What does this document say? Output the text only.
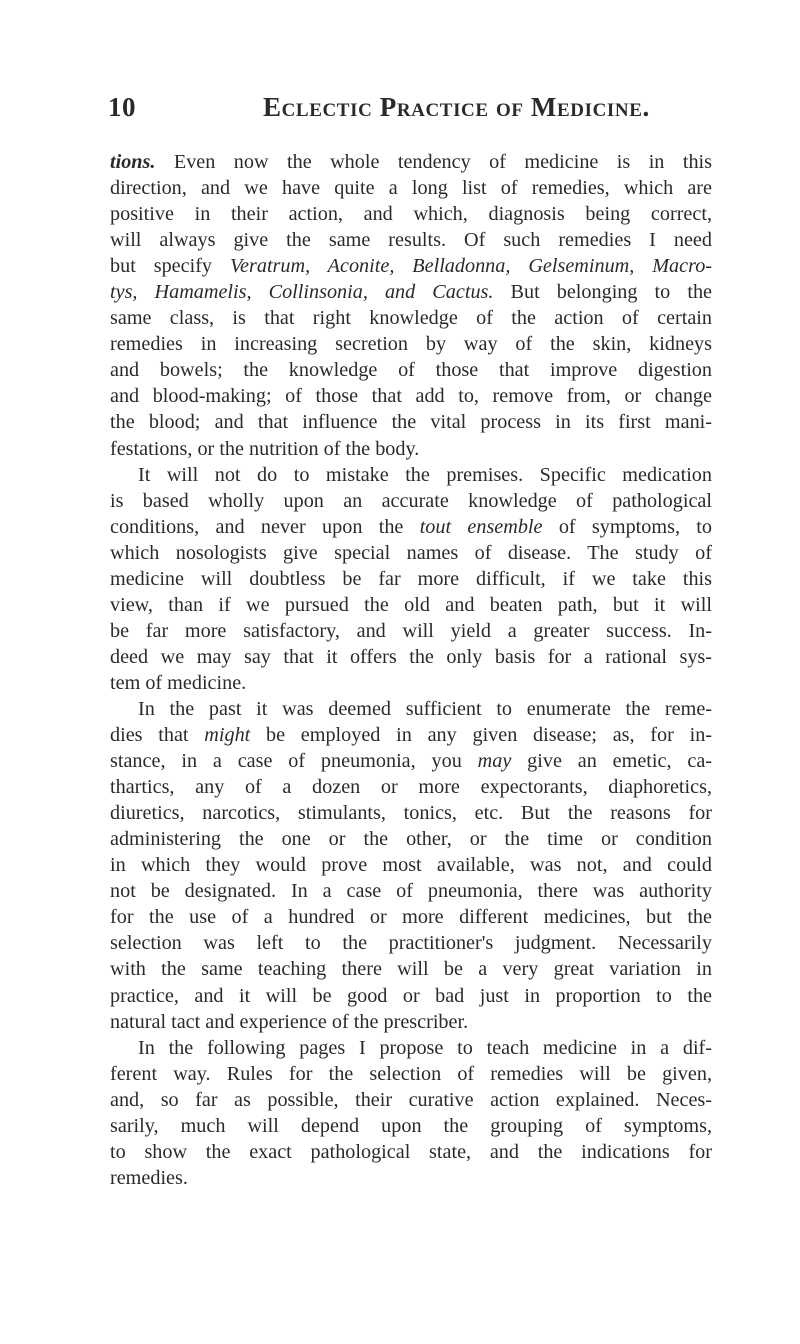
10	Eclectic Practice of Medicine.
tions. Even now the whole tendency of medicine is in this
direction, and we have quite a long list of remedies, which are
positive in their action, and which, diagnosis being correct,
will always give the same results. Of such remedies I need
but specify Veratrum, Aconite, Belladonna, Gelseminum, Macro-
tys, Hamamelis, Collinsonia, and Cactus. But belonging to the
same class, is that right knowledge of the action of certain
remedies in increasing secretion by way of the skin, kidneys
and bowels; the knowledge of those that improve digestion
and blood-making; of those that add to, remove from, or change
the blood; and that influence the vital process in its first mani-
festations, or the nutrition of the body.
It will not do to mistake the premises. Specific medication
is based wholly upon an accurate knowledge of pathological
conditions, and never upon the tout ensemble of symptoms, to
which nosologists give special names of disease. The study of
medicine will doubtless be far more difficult, if we take this
view, than if we pursued the old and beaten path, but it will
be far more satisfactory, and will yield a greater success. In-
deed we may say that it offers the only basis for a rational sys-
tem of medicine.
In the past it was deemed sufficient to enumerate the reme-
dies that might be employed in any given disease; as, for in-
stance, in a case of pneumonia, you may give an emetic, ca-
thartics, any of a dozen or more expectorants, diaphoretics,
diuretics, narcotics, stimulants, tonics, etc. But the reasons for
administering the one or the other, or the time or condition
in which they would prove most available, was not, and could
not be designated. In a case of pneumonia, there was authority
for the use of a hundred or more different medicines, but the
selection was left to the practitioner's judgment. Necessarily
with the same teaching there will be a very great variation in
practice, and it will be good or bad just in proportion to the
natural tact and experience of the prescriber.
In the following pages I propose to teach medicine in a dif-
ferent way. Rules for the selection of remedies will be given,
and, so far as possible, their curative action explained. Neces-
sarily, much will depend upon the grouping of symptoms,
to show the exact pathological state, and the indications for
remedies.
